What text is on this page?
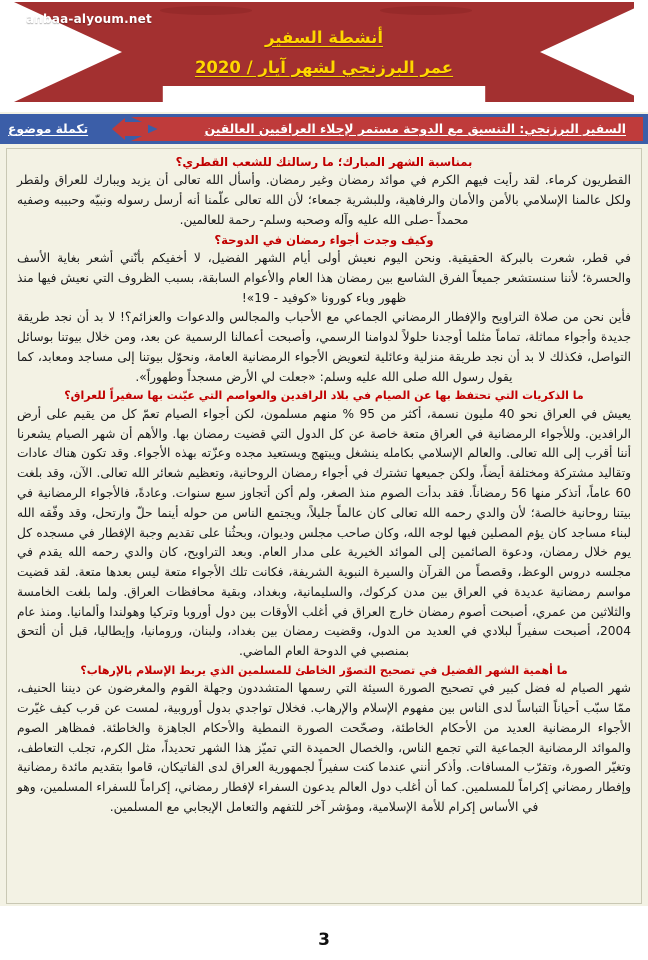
أنشطة السفير
عمر البرزنجي لشهر آيار / 2020
anbaa-alyoum.net
السفير البرزنجي: التنسيق مع الدوحة مستمر لإجلاء العراقيين العالقين
تكملة موضوع
بمناسبة الشهر المبارك؛ ما رسالتك للشعب القطري؟
القطريون كرماء. لقد رأيت فيهم الكرم في موائد رمضان وغير رمضان. وأسأل الله تعالى أن يزيد ويبارك للعراق ولقطر ولكل عالمنا الإسلامي بالأمن والأمان والرفاهية، وللبشرية جمعاء؛ لأن الله تعالى علّمنا أنه أرسل رسوله ونبيّه وحبيبه وصفيه محمداً -صلى الله عليه وآله وصحبه وسلم- رحمة للعالمين.
وكيف وجدت أجواء رمضان في الدوحة؟
في قطر، شعرت بالبركة الحقيقية. ونحن اليوم نعيش أولى أيام الشهر الفضيل، لا أخفيكم بأنّني أشعر بغاية الأسف والحسرة؛ لأننا سنستشعر جميعاً الفرق الشاسع بين رمضان هذا العام والأعوام السابقة، بسبب الظروف التي نعيش فيها منذ ظهور وباء كورونا «كوفيد - 19»!
فأين نحن من صلاة التراويح والإفطار الرمضاني الجماعي مع الأحباب والمجالس والدعوات والعزائم؟! لا بد أن نجد طريقة جديدة وأجواء مماثلة، تماماً مثلما أوجدنا حلولاً لدوامنا الرسمي، وأصبحت أعمالنا الرسمية عن بعد، ومن خلال بيوتنا بوسائل التواصل، فكذلك لا بد أن نجد طريقة منزلية وعائلية لتعويض الأجواء الرمضانية العامة، ونحوّل بيوتنا إلى مساجد ومعابد، كما يقول رسول الله صلى الله عليه وسلم: «جعلت لي الأرض مسجداً وطهوراً».
ما الذكريات التي تحتفظ بها عن الصيام في بلاد الرافدين والعواصم التي عيّنت بها سفيراً للعراق؟
يعيش في العراق نحو 40 مليون نسمة، أكثر من 95 % منهم مسلمون، لكن أجواء الصيام تعمّ كل من يقيم على أرض الرافدين. وللأجواء الرمضانية في العراق متعة خاصة عن كل الدول التي قضيت رمضان بها. والأهم أن شهر الصيام يشعرنا أننا أقرب إلى الله تعالى. والعالم الإسلامي بكامله ينشغل ويبتهج ويستعيد مجده وعزّته بهذه الأجواء. وقد تكون هناك عادات وتقاليد مشتركة ومختلفة أيضاً، ولكن جميعها تشترك في أجواء رمضان الروحانية، وتعظيم شعائر الله تعالى. الآن، وقد بلغت 60 عاماً، أتذكر منها 56 رمضاناً. فقد بدأت الصوم منذ الصغر، ولم أكن أتجاوز سبع سنوات. وعادةً، فالأجواء الرمضانية في بيتنا روحانية خالصة؛ لأن والدي رحمه الله تعالى كان عالماً جليلاً، ويجتمع الناس من حوله أينما حلّ وارتحل، وقد وفّقه الله لبناء مساجد كان يؤم المصلين فيها لوجه الله، وكان صاحب مجلس وديوان، وبحثُنا على تقديم وجبة الإفطار في مسجده كل يوم خلال رمضان، ودعوة الصائمين إلى الموائد الخيرية على مدار العام. وبعد التراويح، كان والدي رحمه الله يقدم في مجلسه دروس الوعظ، وقصصاً من القرآن والسيرة النبوية الشريفة، فكانت تلك الأجواء متعة ليس بعدها متعة. لقد قضيت مواسم رمضانية عديدة في العراق بين مدن كركوك، والسليمانية، وبغداد، وبقية محافظات العراق. ولما بلغت الخامسة والثلاثين من عمري، أصبحت أصوم رمضان خارج العراق في أغلب الأوقات بين دول أوروبا وتركيا وهولندا وألمانيا. ومنذ عام 2004، أصبحت سفيراً لبلادي في العديد من الدول، وقضيت رمضان بين بغداد، ولبنان، ورومانيا، وإيطاليا، قبل أن ألتحق بمنصبي في الدوحة العام الماضي.
ما أهمية الشهر الفضيل في تصحيح التصوّر الخاطئ للمسلمين الذي يربط الإسلام بالإرهاب؟
شهر الصيام له فضل كبير في تصحيح الصورة السيئة التي رسمها المتشددون وجهلة القوم والمغرضون عن ديننا الحنيف، ممّا سبّب أحياناً التباساً لدى الناس بين مفهوم الإسلام والإرهاب. فخلال تواجدي بدول أوروبية، لمست عن قرب كيف غيّرت الأجواء الرمضانية العديد من الأحكام الخاطئة، وصحّحت الصورة النمطية والأحكام الجاهزة والخاطئة. فمظاهر الصوم والموائد الرمضانية الجماعية التي تجمع الناس، والخصال الحميدة التي تميّز هذا الشهر تحديداً، مثل الكرم، تجلب التعاطف، وتغيّر الصورة، وتقرّب المسافات. وأذكر أنني عندما كنت سفيراً لجمهورية العراق لدى الفاتيكان، قاموا بتقديم مائدة رمضانية وإفطار رمضاني إكراماً للمسلمين. كما أن أغلب دول العالم يدعون السفراء لإفطار رمضاني، إكراماً للسفراء المسلمين، وهو في الأساس إكرام للأمة الإسلامية، ومؤشر آخر للتفهم والتعامل الإيجابي مع المسلمين.
3
